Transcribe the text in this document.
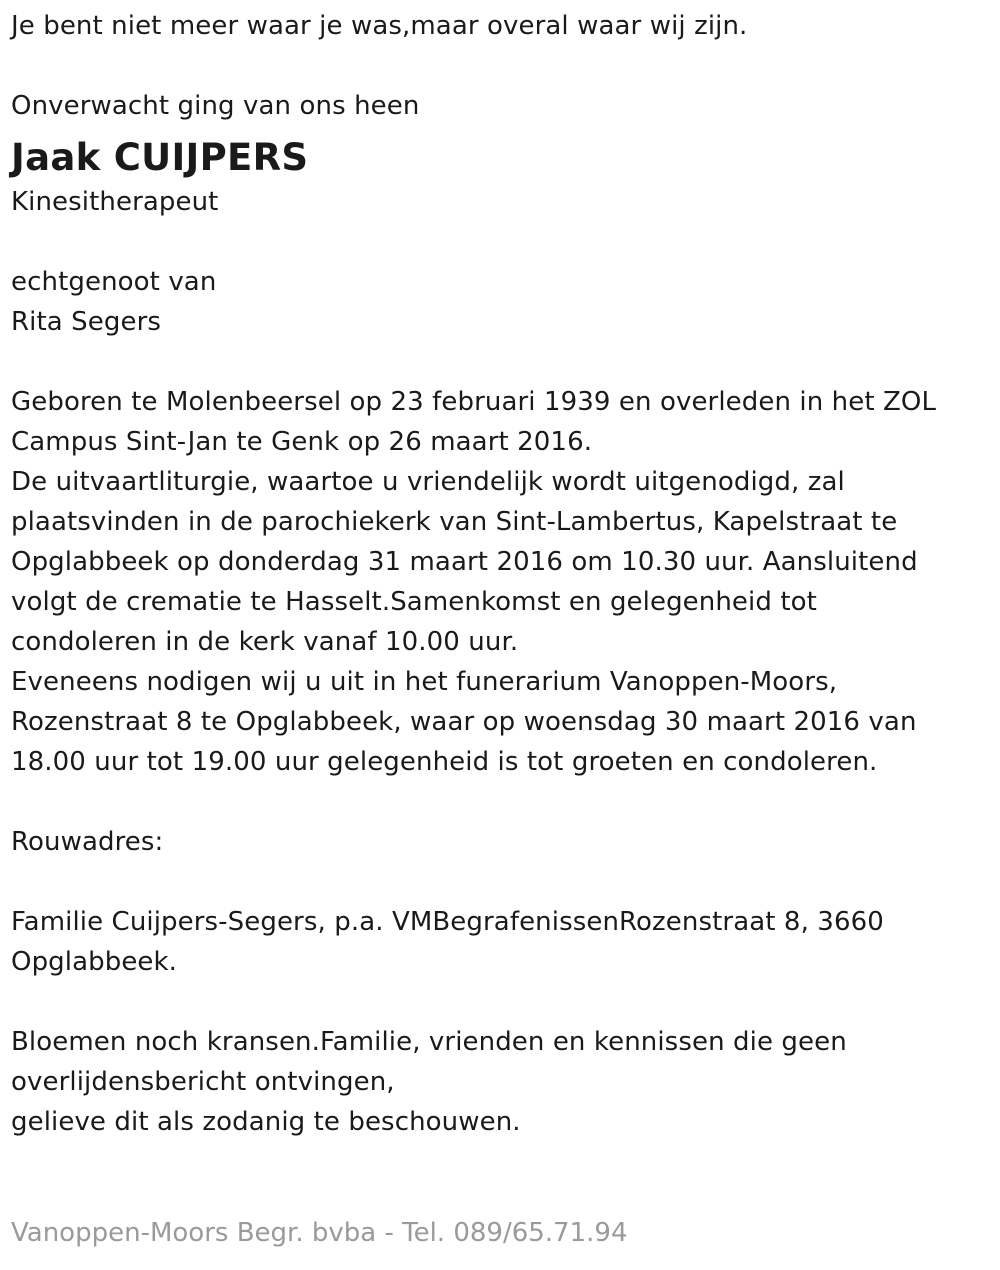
Je bent niet meer waar je was,maar overal waar wij zijn.
Onverwacht ging van ons heen
Jaak CUIJPERS
Kinesitherapeut
echtgenoot van
Rita Segers
Geboren te Molenbeersel op 23 februari 1939 en overleden in het ZOL
Campus Sint-Jan te Genk op 26 maart 2016.
De uitvaartliturgie, waartoe u vriendelijk wordt uitgenodigd, zal
plaatsvinden in de parochiekerk van Sint-Lambertus, Kapelstraat te
Opglabbeek op donderdag 31 maart 2016 om 10.30 uur. Aansluitend
volgt de crematie te Hasselt.Samenkomst en gelegenheid tot
condoleren in de kerk vanaf 10.00 uur.
Eveneens nodigen wij u uit in het funerarium Vanoppen-Moors,
Rozenstraat 8 te Opglabbeek, waar op woensdag 30 maart 2016 van
18.00 uur tot 19.00 uur gelegenheid is tot groeten en condoleren.
Rouwadres:
Familie Cuijpers-Segers, p.a. VMBegrafenissenRozenstraat 8, 3660
Opglabbeek.
Bloemen noch kransen.Familie, vrienden en kennissen die geen
overlijdensbericht ontvingen,
gelieve dit als zodanig te beschouwen.
Vanoppen-Moors Begr. bvba - Tel. 089/65.71.94
